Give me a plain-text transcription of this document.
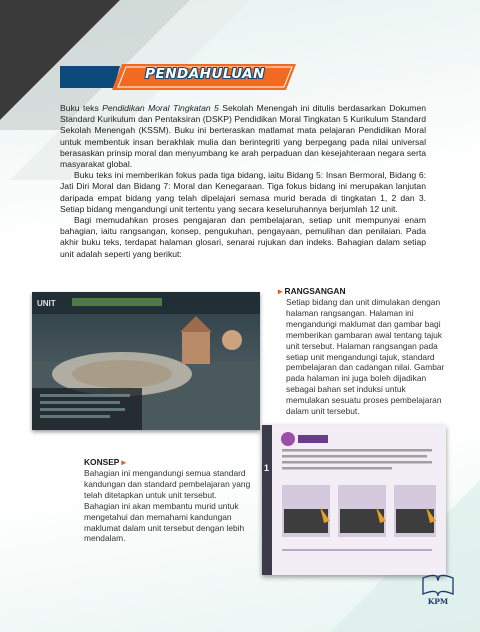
PENDAHULUAN

Buku teks Pendidikan Moral Tingkatan 5 Sekolah Menengah ini ditulis berdasarkan Dokumen Standard Kurikulum dan Pentaksiran (DSKP) Pendidikan Moral Tingkatan 5 Kurikulum Standard Sekolah Menengah (KSSM). Buku ini berteraskan matlamat mata pelajaran Pendidikan Moral untuk membentuk insan berakhlak mulia dan berintegriti yang berpegang pada nilai universal berasaskan prinsip moral dan menyumbang ke arah perpaduan dan kesejahteraan negara serta masyarakat global.

Buku teks ini memberikan fokus pada tiga bidang, iaitu Bidang 5: Insan Bermoral, Bidang 6: Jati Diri Moral dan Bidang 7: Moral dan Kenegaraan. Tiga fokus bidang ini merupakan lanjutan daripada empat bidang yang telah dipelajari semasa murid berada di tingkatan 1, 2 dan 3. Setiap bidang mengandungi unit tertentu yang secara keseluruhannya berjumlah 12 unit.

Bagi memudahkan proses pengajaran dan pembelajaran, setiap unit mempunyai enam bahagian, iaitu rangsangan, konsep, pengukuhan, pengayaan, pemulihan dan penilaian. Pada akhir buku teks, terdapat halaman glosari, senarai rujukan dan indeks. Bahagian dalam setiap unit adalah seperti yang berikut:

UNIT
▸ RANGSANGAN
Setiap bidang dan unit dimulakan dengan halaman rangsangan. Halaman ini mengandungi maklumat dan gambar bagi memberikan gambaran awal tentang tajuk unit tersebut. Halaman rangsangan pada setiap unit mengandungi tajuk, standard pembelajaran dan cadangan nilai. Gambar pada halaman ini juga boleh dijadikan sebagai bahan set induksi untuk memulakan sesuatu proses pembelajaran dalam unit tersebut.
KONSEP ▸
Bahagian ini mengandungi semua standard kandungan dan standard pembelajaran yang telah ditetapkan untuk unit tersebut. Bahagian ini akan membantu murid untuk mengetahui dan memahami kandungan maklumat dalam unit tersebut dengan lebih mendalam.
1
v
KPM
